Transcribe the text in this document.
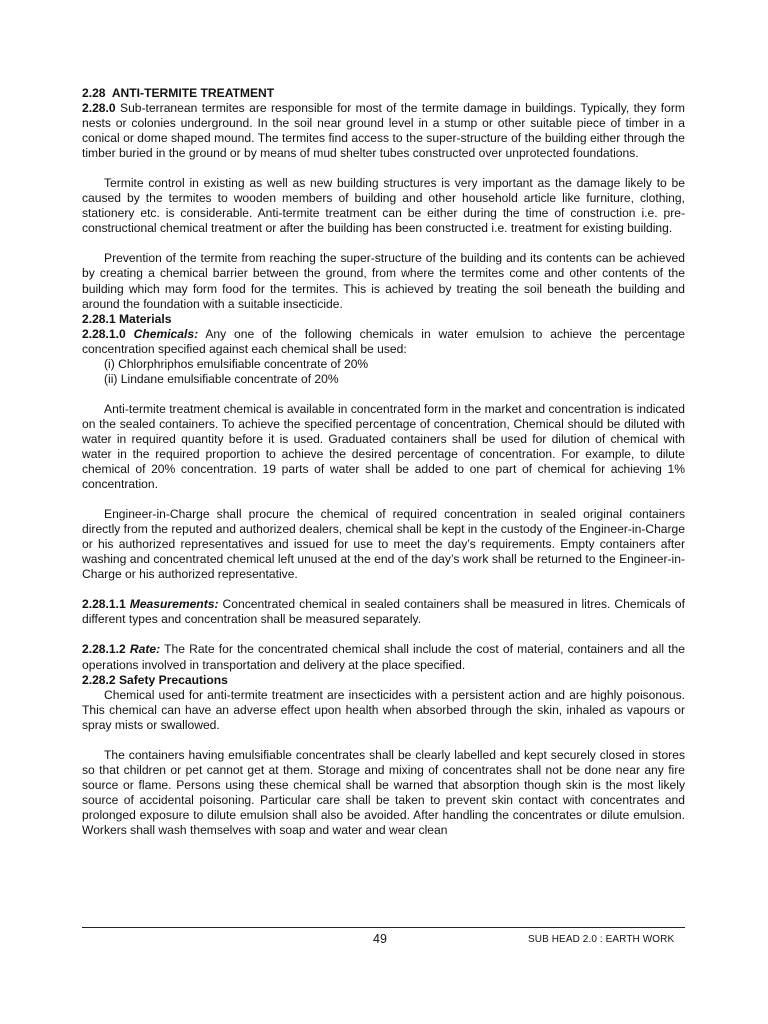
2.28 ANTI-TERMITE TREATMENT

2.28.0 Sub-terranean termites are responsible for most of the termite damage in buildings. Typically, they form nests or colonies underground. In the soil near ground level in a stump or other suitable piece of timber in a conical or dome shaped mound. The termites find access to the super-structure of the building either through the timber buried in the ground or by means of mud shelter tubes constructed over unprotected foundations.

Termite control in existing as well as new building structures is very important as the damage likely to be caused by the termites to wooden members of building and other household article like furniture, clothing, stationery etc. is considerable. Anti-termite treatment can be either during the time of construction i.e. pre-constructional chemical treatment or after the building has been constructed i.e. treatment for existing building.

Prevention of the termite from reaching the super-structure of the building and its contents can be achieved by creating a chemical barrier between the ground, from where the termites come and other contents of the building which may form food for the termites. This is achieved by treating the soil beneath the building and around the foundation with a suitable insecticide.

2.28.1 Materials

2.28.1.0 Chemicals: Any one of the following chemicals in water emulsion to achieve the percentage concentration specified against each chemical shall be used:

(i) Chlorphriphos emulsifiable concentrate of 20%
(ii) Lindane emulsifiable concentrate of 20%

Anti-termite treatment chemical is available in concentrated form in the market and concentration is indicated on the sealed containers. To achieve the specified percentage of concentration, Chemical should be diluted with water in required quantity before it is used. Graduated containers shall be used for dilution of chemical with water in the required proportion to achieve the desired percentage of concentration. For example, to dilute chemical of 20% concentration. 19 parts of water shall be added to one part of chemical for achieving 1% concentration.

Engineer-in-Charge shall procure the chemical of required concentration in sealed original containers directly from the reputed and authorized dealers, chemical shall be kept in the custody of the Engineer-in-Charge or his authorized representatives and issued for use to meet the day’s requirements. Empty containers after washing and concentrated chemical left unused at the end of the day’s work shall be returned to the Engineer-in-Charge or his authorized representative.

2.28.1.1 Measurements: Concentrated chemical in sealed containers shall be measured in litres. Chemicals of different types and concentration shall be measured separately.

2.28.1.2 Rate: The Rate for the concentrated chemical shall include the cost of material, containers and all the operations involved in transportation and delivery at the place specified.

2.28.2 Safety Precautions

Chemical used for anti-termite treatment are insecticides with a persistent action and are highly poisonous. This chemical can have an adverse effect upon health when absorbed through the skin, inhaled as vapours or spray mists or swallowed.

The containers having emulsifiable concentrates shall be clearly labelled and kept securely closed in stores so that children or pet cannot get at them. Storage and mixing of concentrates shall not be done near any fire source or flame. Persons using these chemical shall be warned that absorption though skin is the most likely source of accidental poisoning. Particular care shall be taken to prevent skin contact with concentrates and prolonged exposure to dilute emulsion shall also be avoided. After handling the concentrates or dilute emulsion. Workers shall wash themselves with soap and water and wear clean

49	SUB HEAD 2.0 : EARTH WORK
